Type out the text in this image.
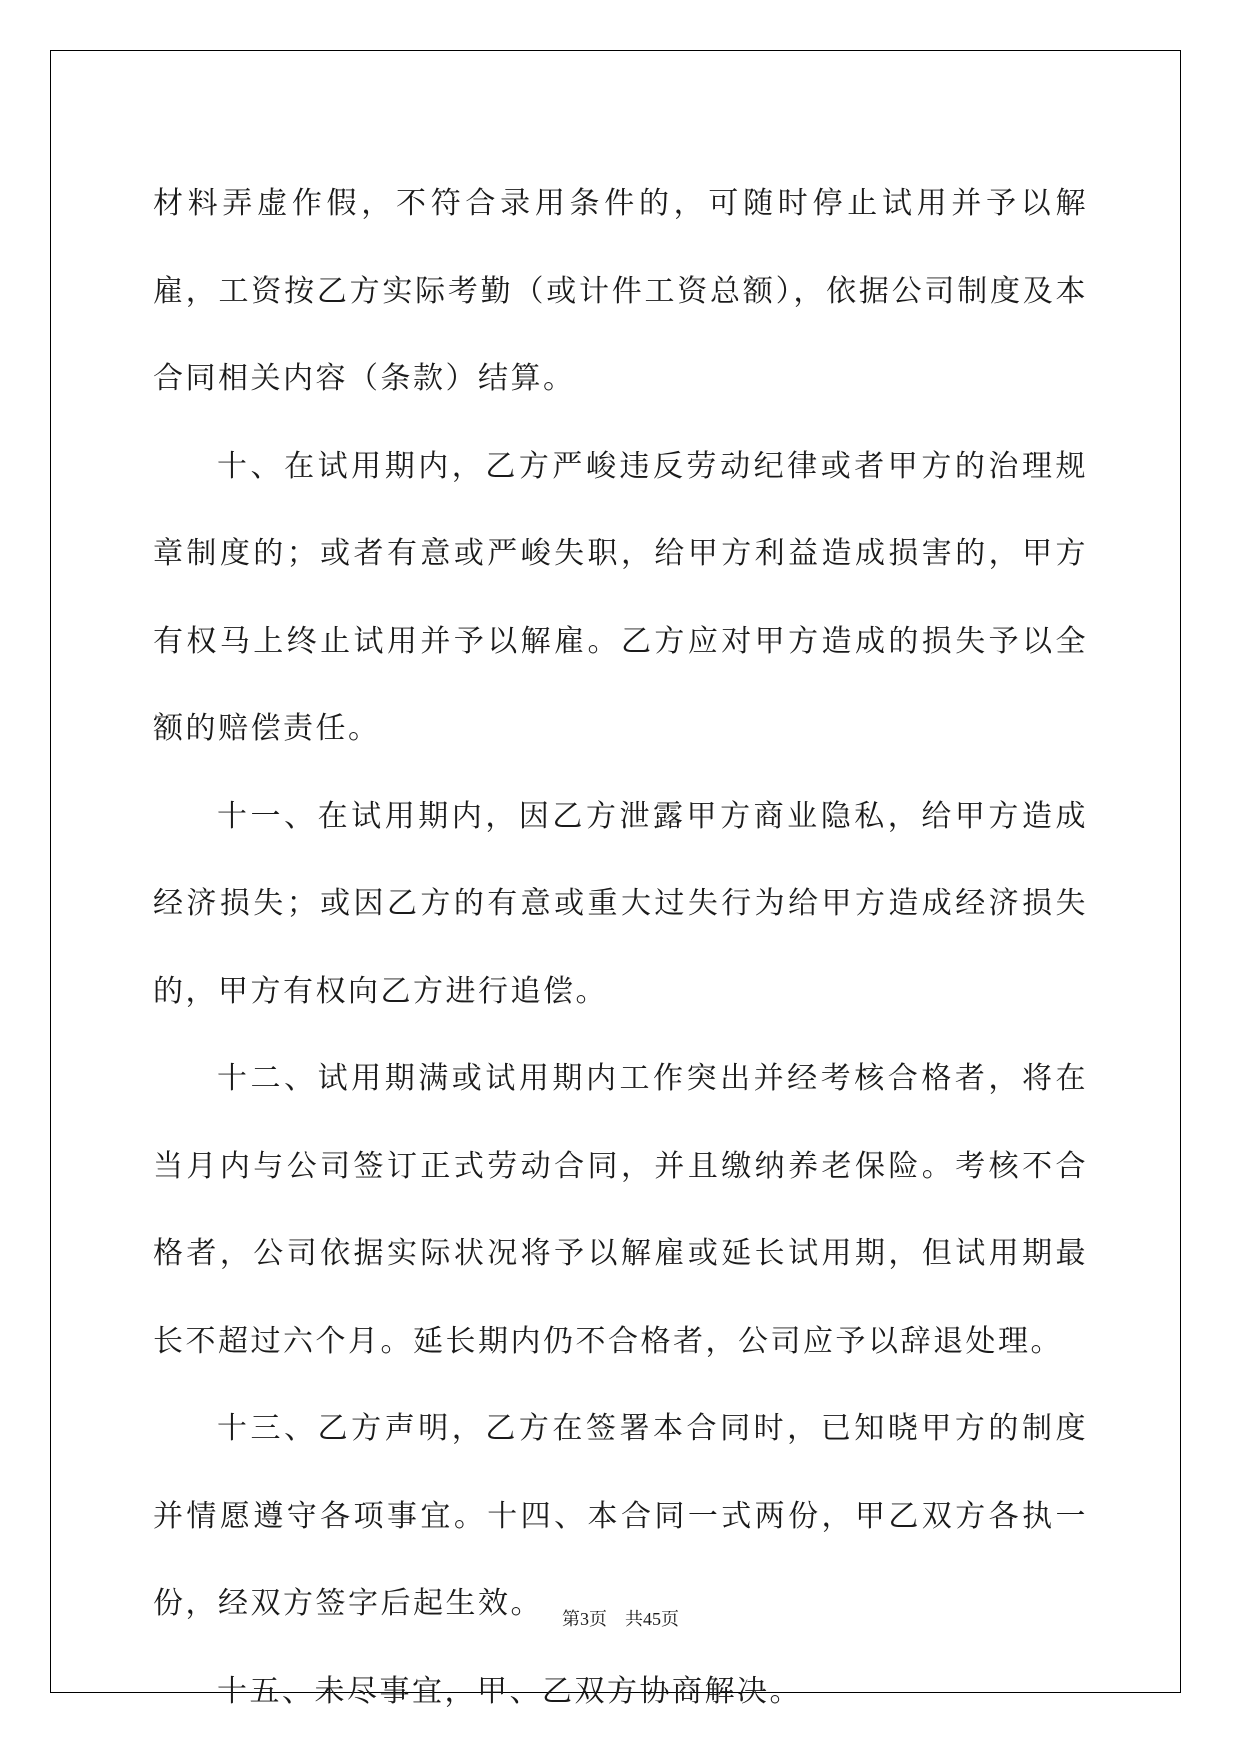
材料弄虚作假，不符合录用条件的，可随时停止试用并予以解雇，工资按乙方实际考勤（或计件工资总额），依据公司制度及本合同相关内容（条款）结算。

十、在试用期内，乙方严峻违反劳动纪律或者甲方的治理规章制度的；或者有意或严峻失职，给甲方利益造成损害的，甲方有权马上终止试用并予以解雇。乙方应对甲方造成的损失予以全额的赔偿责任。

十一、在试用期内，因乙方泄露甲方商业隐私，给甲方造成经济损失；或因乙方的有意或重大过失行为给甲方造成经济损失的，甲方有权向乙方进行追偿。

十二、试用期满或试用期内工作突出并经考核合格者，将在当月内与公司签订正式劳动合同，并且缴纳养老保险。考核不合格者，公司依据实际状况将予以解雇或延长试用期，但试用期最长不超过六个月。延长期内仍不合格者，公司应予以辞退处理。

十三、乙方声明，乙方在签署本合同时，已知晓甲方的制度并情愿遵守各项事宜。十四、本合同一式两份，甲乙双方各执一份，经双方签字后起生效。

十五、未尽事宜，甲、乙双方协商解决。

第3页 共45页
